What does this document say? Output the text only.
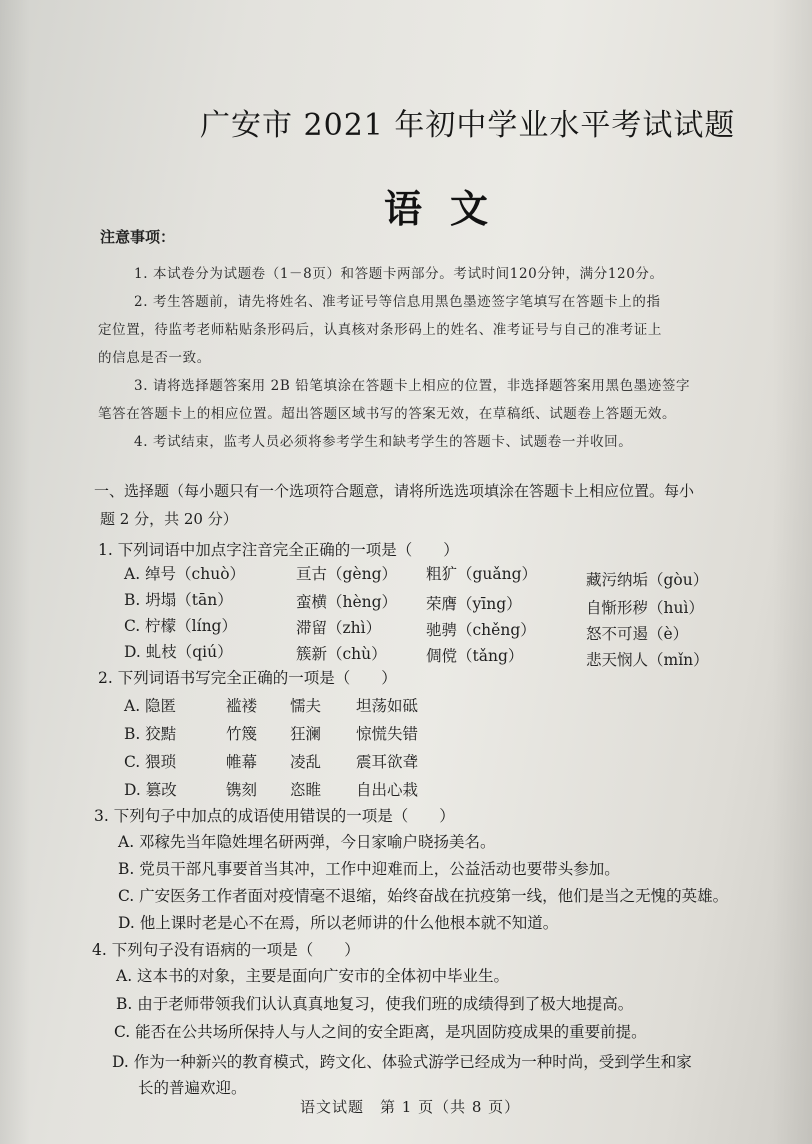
广安市 2021 年初中学业水平考试试题
语文
注意事项：
1. 本试卷分为试题卷（1－8页）和答题卡两部分。考试时间120分钟，满分120分。
2. 考生答题前，请先将姓名、准考证号等信息用黑色墨迹签字笔填写在答题卡上的指
定位置，待监考老师粘贴条形码后，认真核对条形码上的姓名、准考证号与自己的准考证上
的信息是否一致。
3. 请将选择题答案用 2B 铅笔填涂在答题卡上相应的位置，非选择题答案用黑色墨迹签字
笔答在答题卡上的相应位置。超出答题区域书写的答案无效，在草稿纸、试题卷上答题无效。
4. 考试结束，监考人员必须将参考学生和缺考学生的答题卡、试题卷一并收回。
一、选择题（每小题只有一个选项符合题意，请将所选选项填涂在答题卡上相应位置。每小
题 2 分，共 20 分）
1. 下列词语中加点字注音完全正确的一项是（　　）
A. 绰号（chuò）	亘古（gèng） 粗犷（guǎng）	藏污纳垢（gòu）
B. 坍塌（tān）	蛮横（hèng） 荣膺（yīng）	自惭形秽（huì）
C. 柠檬（líng）	滞留（zhì）	驰骋（chěng）	怒不可遏（è）
D. 虬枝（qiú）	簇新（chù）	倜傥（tǎng）	悲天悯人（mǐn）
2. 下列词语书写完全正确的一项是（　　）
A. 隐匿	褴褛 懦夫 坦荡如砥
B. 狡黠	竹篾 狂澜 惊慌失错
C. 猥琐	帷幕 凌乱 震耳欲聋
D. 篡改	镌刻 恣睢 自出心栽
3. 下列句子中加点的成语使用错误的一项是（　　）
A. 邓稼先当年隐姓埋名研两弹，今日家喻户晓扬美名。
B. 党员干部凡事要首当其冲，工作中迎难而上，公益活动也要带头参加。
C. 广安医务工作者面对疫情毫不退缩，始终奋战在抗疫第一线，他们是当之无愧的英雄。
D. 他上课时老是心不在焉，所以老师讲的什么他根本就不知道。
4. 下列句子没有语病的一项是（　　）
A. 这本书的对象，主要是面向广安市的全体初中毕业生。
B. 由于老师带领我们认认真真地复习，使我们班的成绩得到了极大地提高。
C. 能否在公共场所保持人与人之间的安全距离，是巩固防疫成果的重要前提。
D. 作为一种新兴的教育模式，跨文化、体验式游学已经成为一种时尚，受到学生和家
长的普遍欢迎。
语文试题　第 1 页（共 8 页）
